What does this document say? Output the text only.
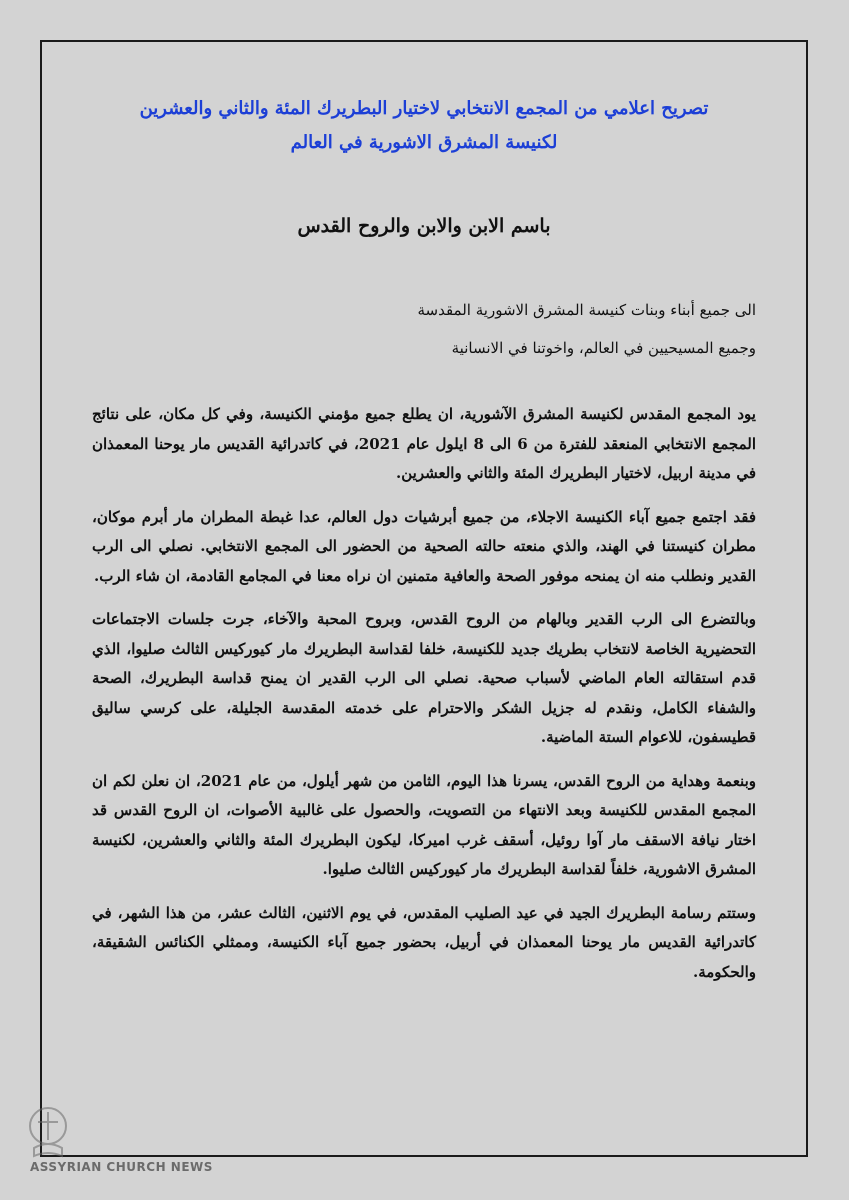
تصريح اعلامي من المجمع الانتخابي لاختيار البطريرك المئة والثاني والعشرين

لكنيسة المشرق الاشورية في العالم

باسم الابن والابن والروح القدس

الى جميع أبناء وبنات كنيسة المشرق الاشورية المقدسة

وجميع المسيحيين في العالم، واخوتنا في الانسانية

يود المجمع المقدس لكنيسة المشرق الآشورية، ان يطلع جميع مؤمني الكنيسة، وفي كل مكان، على نتائج المجمع الانتخابي المنعقد للفترة من 6 الى 8 ايلول عام 2021، في كاتدرائية القديس مار يوحنا المعمذان في مدينة اربيل، لاختيار البطريرك المئة والثاني والعشرين.

فقد اجتمع جميع آباء الكنيسة الاجلاء، من جميع أبرشيات دول العالم، عدا غبطة المطران مار أبرم موكان، مطران كنيستنا في الهند، والذي منعته حالته الصحية من الحضور الى المجمع الانتخابي. نصلي الى الرب القدير ونطلب منه ان يمنحه موفور الصحة والعافية متمنين ان نراه معنا في المجامع القادمة، ان شاء الرب.

وبالتضرع الى الرب القدير وبالهام من الروح القدس، وبروح المحبة والآخاء، جرت جلسات الاجتماعات التحضيرية الخاصة لانتخاب بطريك جديد للكنيسة، خلفا لقداسة البطريرك مار كيوركيس الثالث صليوا، الذي قدم استقالته العام الماضي لأسباب صحية. نصلي الى الرب القدير ان يمنح قداسة البطريرك، الصحة والشفاء الكامل، ونقدم له جزيل الشكر والاحترام على خدمته المقدسة الجليلة، على كرسي ساليق قطيسفون، للاعوام الستة الماضية.

وبنعمة وهداية من الروح القدس، يسرنا هذا اليوم، الثامن من شهر أيلول، من عام 2021، ان نعلن لكم ان المجمع المقدس للكنيسة وبعد الانتهاء من التصويت، والحصول على غالبية الأصوات، ان الروح القدس قد اختار نيافة الاسقف مار آوا روئيل، أسقف غرب اميركا، ليكون البطريرك المئة والثاني والعشرين، لكنيسة المشرق الاشورية، خلفاً لقداسة البطريرك مار كيوركيس الثالث صليوا.

وستتم رسامة البطريرك الجيد في عيد الصليب المقدس، في يوم الاثنين، الثالث عشر، من هذا الشهر، في كاتدرائية القديس مار يوحنا المعمذان في أربيل، بحضور جميع آباء الكنيسة، وممثلي الكنائس الشقيقة، والحكومة.

ASSYRIAN CHURCH NEWS
